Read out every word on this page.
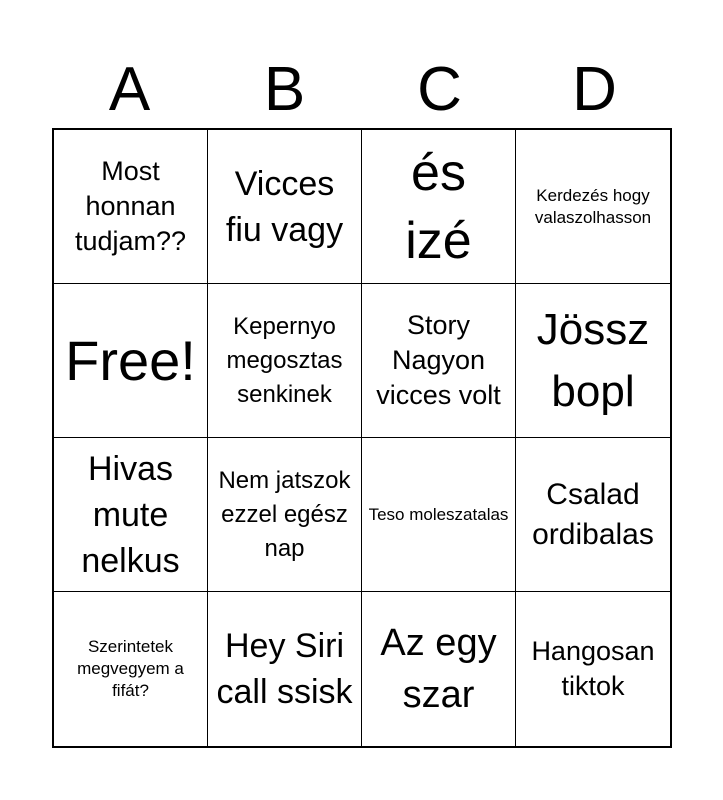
A	B	C	D
Most honnan tudjam??
Vicces fiu vagy
és izé
Kerdezés hogy valaszolhasson
Free!
Kepernyo megosztas senkinek
Story Nagyon vicces volt
Jössz bopl
Hivas mute nelkus
Nem jatszok ezzel egész nap
Teso moleszatalas
Csalad ordibalas
Szerintetek megvegyem a fifát?
Hey Siri call ssisk
Az egy szar
Hangosan tiktok
